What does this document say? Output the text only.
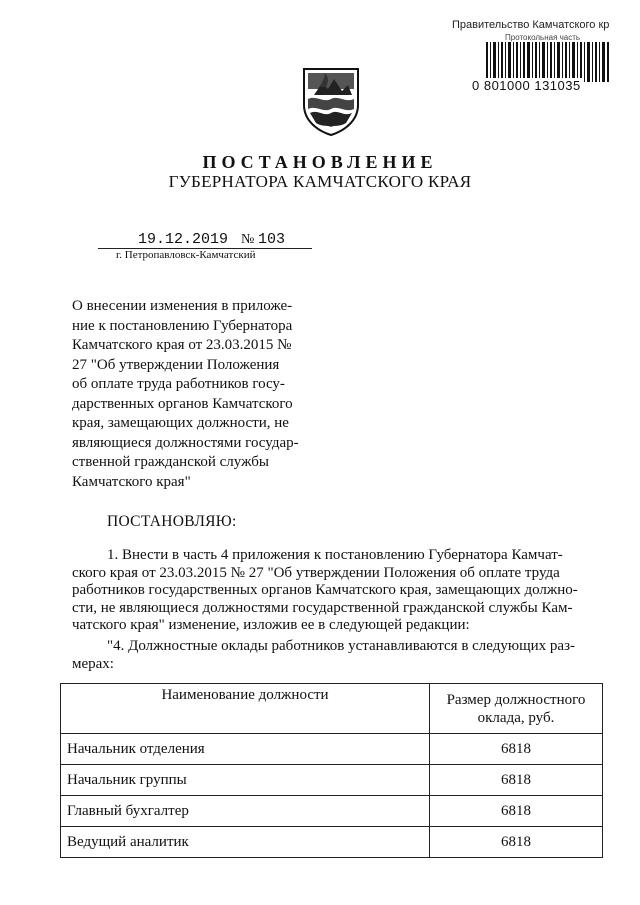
Правительство Камчатского кр
Протокольная часть
0 801000 131035
ПОСТАНОВЛЕНИЕ
ГУБЕРНАТОРА КАМЧАТСКОГО КРАЯ
19.12.2019 № 103
г. Петропавловск-Камчатский
О внесении изменения в приложе-
ние к постановлению Губернатора
Камчатского края от 23.03.2015 №
27 "Об утверждении Положения
об оплате труда работников госу-
дарственных органов Камчатского
края, замещающих должности, не
являющиеся должностями государ-
ственной гражданской службы
Камчатского края"
ПОСТАНОВЛЯЮ:
1. Внести в часть 4 приложения к постановлению Губернатора Камчат-
ского края от 23.03.2015 № 27 "Об утверждении Положения об оплате труда
работников государственных органов Камчатского края, замещающих должно-
сти, не являющиеся должностями государственной гражданской службы Кам-
чатского края" изменение, изложив ее в следующей редакции:
"4. Должностные оклады работников устанавливаются в следующих раз-
мерах:
Наименование должности	Размер должностного оклада, руб.
Начальник отделения	6818
Начальник группы	6818
Главный бухгалтер	6818
Ведущий аналитик	6818
